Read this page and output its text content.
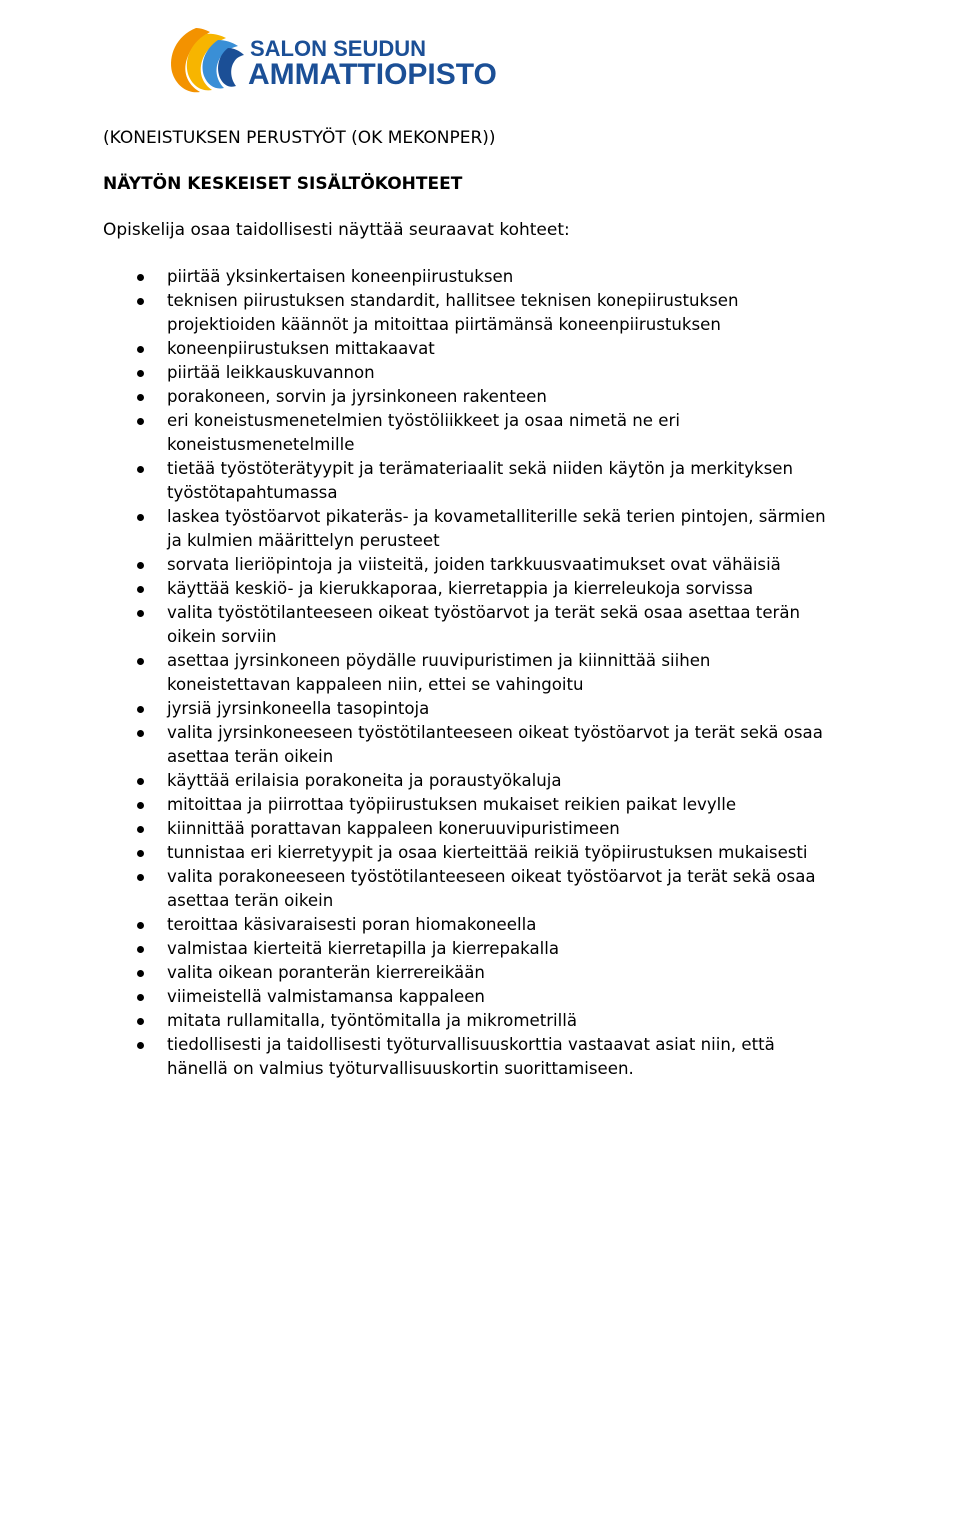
SALON SEUDUN
AMMATTIOPISTO

(KONEISTUKSEN PERUSTYÖT (OK MEKONPER))

NÄYTÖN KESKEISET SISÄLTÖKOHTEET

Opiskelija osaa taidollisesti näyttää seuraavat kohteet:

piirtää yksinkertaisen koneenpiirustuksen
teknisen piirustuksen standardit, hallitsee teknisen konepiirustuksen
projektioiden käännöt ja mitoittaa piirtämänsä koneenpiirustuksen
koneenpiirustuksen mittakaavat
piirtää leikkauskuvannon
porakoneen, sorvin ja jyrsinkoneen rakenteen
eri koneistusmenetelmien työstöliikkeet ja osaa nimetä ne eri
koneistusmenetelmille
tietää työstöterätyypit ja terämateriaalit sekä niiden käytön ja merkityksen
työstötapahtumassa
laskea työstöarvot pikateräs- ja kovametalliterille sekä terien pintojen, särmien
ja kulmien määrittelyn perusteet
sorvata lieriöpintoja ja viisteitä, joiden tarkkuusvaatimukset ovat vähäisiä
käyttää keskiö- ja kierukkaporaa, kierretappia ja kierreleukoja sorvissa
valita työstötilanteeseen oikeat työstöarvot ja terät sekä osaa asettaa terän
oikein sorviin
asettaa jyrsinkoneen pöydälle ruuvipuristimen ja kiinnittää siihen
koneistettavan kappaleen niin, ettei se vahingoitu
jyrsiä jyrsinkoneella tasopintoja
valita jyrsinkoneeseen työstötilanteeseen oikeat työstöarvot ja terät sekä osaa
asettaa terän oikein
käyttää erilaisia porakoneita ja poraustyökaluja
mitoittaa ja piirrottaa työpiirustuksen mukaiset reikien paikat levylle
kiinnittää porattavan kappaleen koneruuvipuristimeen
tunnistaa eri kierretyypit ja osaa kierteittää reikiä työpiirustuksen mukaisesti
valita porakoneeseen työstötilanteeseen oikeat työstöarvot ja terät sekä osaa
asettaa terän oikein
teroittaa käsivaraisesti poran hiomakoneella
valmistaa kierteitä kierretapilla ja kierrepakalla
valita oikean poranterän kierrereikään
viimeistellä valmistamansa kappaleen
mitata rullamitalla, työntömitalla ja mikrometrillä
tiedollisesti ja taidollisesti työturvallisuuskorttia vastaavat asiat niin, että
hänellä on valmius työturvallisuuskortin suorittamiseen.
